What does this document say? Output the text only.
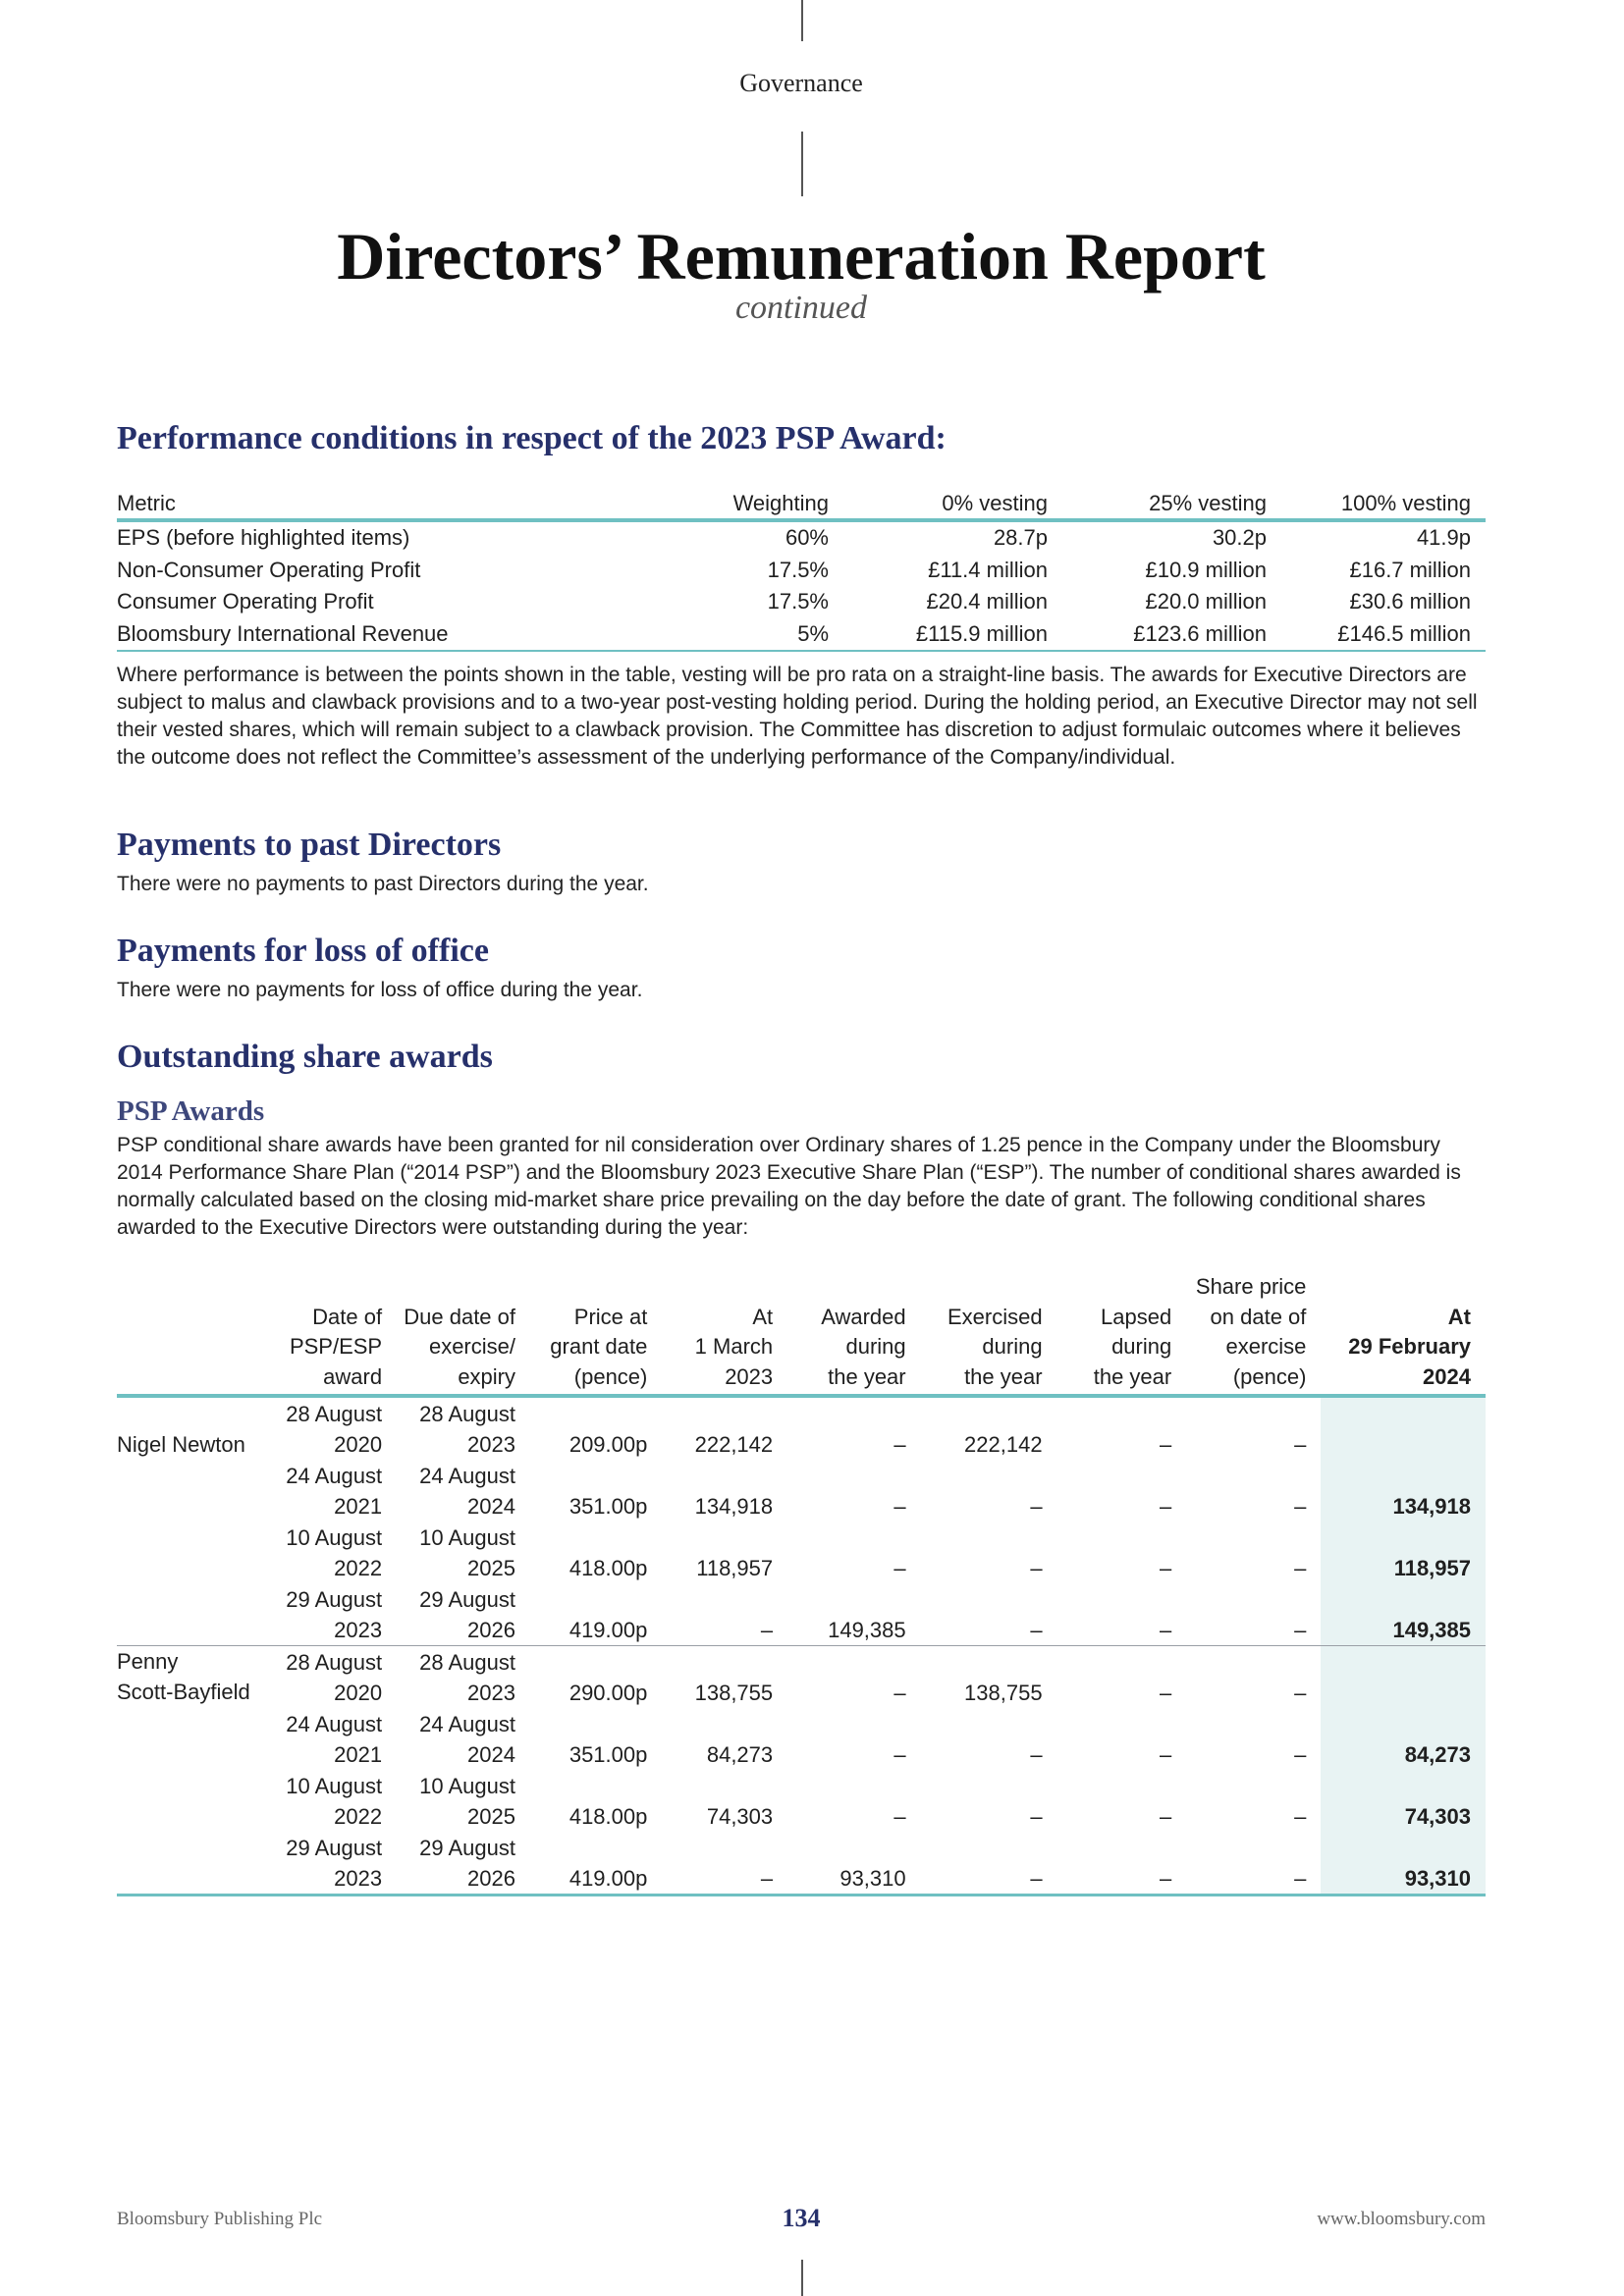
Governance
Directors’ Remuneration Report
continued
Performance conditions in respect of the 2023 PSP Award:
Metric	Weighting	0% vesting	25% vesting	100% vesting
EPS (before highlighted items)	60%	28.7p	30.2p	41.9p
Non-Consumer Operating Profit	17.5%	£11.4 million	£10.9 million	£16.7 million
Consumer Operating Profit	17.5%	£20.4 million	£20.0 million	£30.6 million
Bloomsbury International Revenue	5%	£115.9 million	£123.6 million	£146.5 million

Where performance is between the points shown in the table, vesting will be pro rata on a straight-line basis. The awards for Executive Directors are subject to malus and clawback provisions and to a two-year post-vesting holding period. During the holding period, an Executive Director may not sell their vested shares, which will remain subject to a clawback provision. The Committee has discretion to adjust formulaic outcomes where it believes the outcome does not reflect the Committee’s assessment of the underlying performance of the Company/individual.

Payments to past Directors

There were no payments to past Directors during the year.

Payments for loss of office

There were no payments for loss of office during the year.

Outstanding share awards
PSP Awards

PSP conditional share awards have been granted for nil consideration over Ordinary shares of 1.25 pence in the Company under the Bloomsbury 2014 Performance Share Plan (“2014 PSP”) and the Bloomsbury 2023 Executive Share Plan (“ESP”). The number of conditional shares awarded is normally calculated based on the closing mid-market share price prevailing on the day before the date of grant. The following conditional shares awarded to the Executive Directors were outstanding during the year:

	Date of
PSP/ESP
award	Due date of
exercise/
expiry	Price at
grant date
(pence)	At
1 March
2023	Awarded
during
the year	Exercised
during
the year	Lapsed
during
the year	Share price
on date of
exercise
(pence)	At
29 February
2024

Nigel Newton	28 August
2020	28 August
2023	209.00p	222,142	–	222,142	–	–	

	24 August
2021	24 August
2024	351.00p	134,918	–	–	–	–	134,918

	10 August
2022	10 August
2025	418.00p	118,957	–	–	–	–	118,957

	29 August
2023	29 August
2026	419.00p	–	149,385	–	–	–	149,385

Penny
Scott-Bayfield	28 August
2020	28 August
2023	290.00p	138,755	–	138,755	–	–	

	24 August
2021	24 August
2024	351.00p	84,273	–	–	–	–	84,273

	10 August
2022	10 August
2025	418.00p	74,303	–	–	–	–	74,303

	29 August
2023	29 August
2026	419.00p	–	93,310	–	–	–	93,310
Bloomsbury Publishing Plc	134	www.bloomsbury.com
